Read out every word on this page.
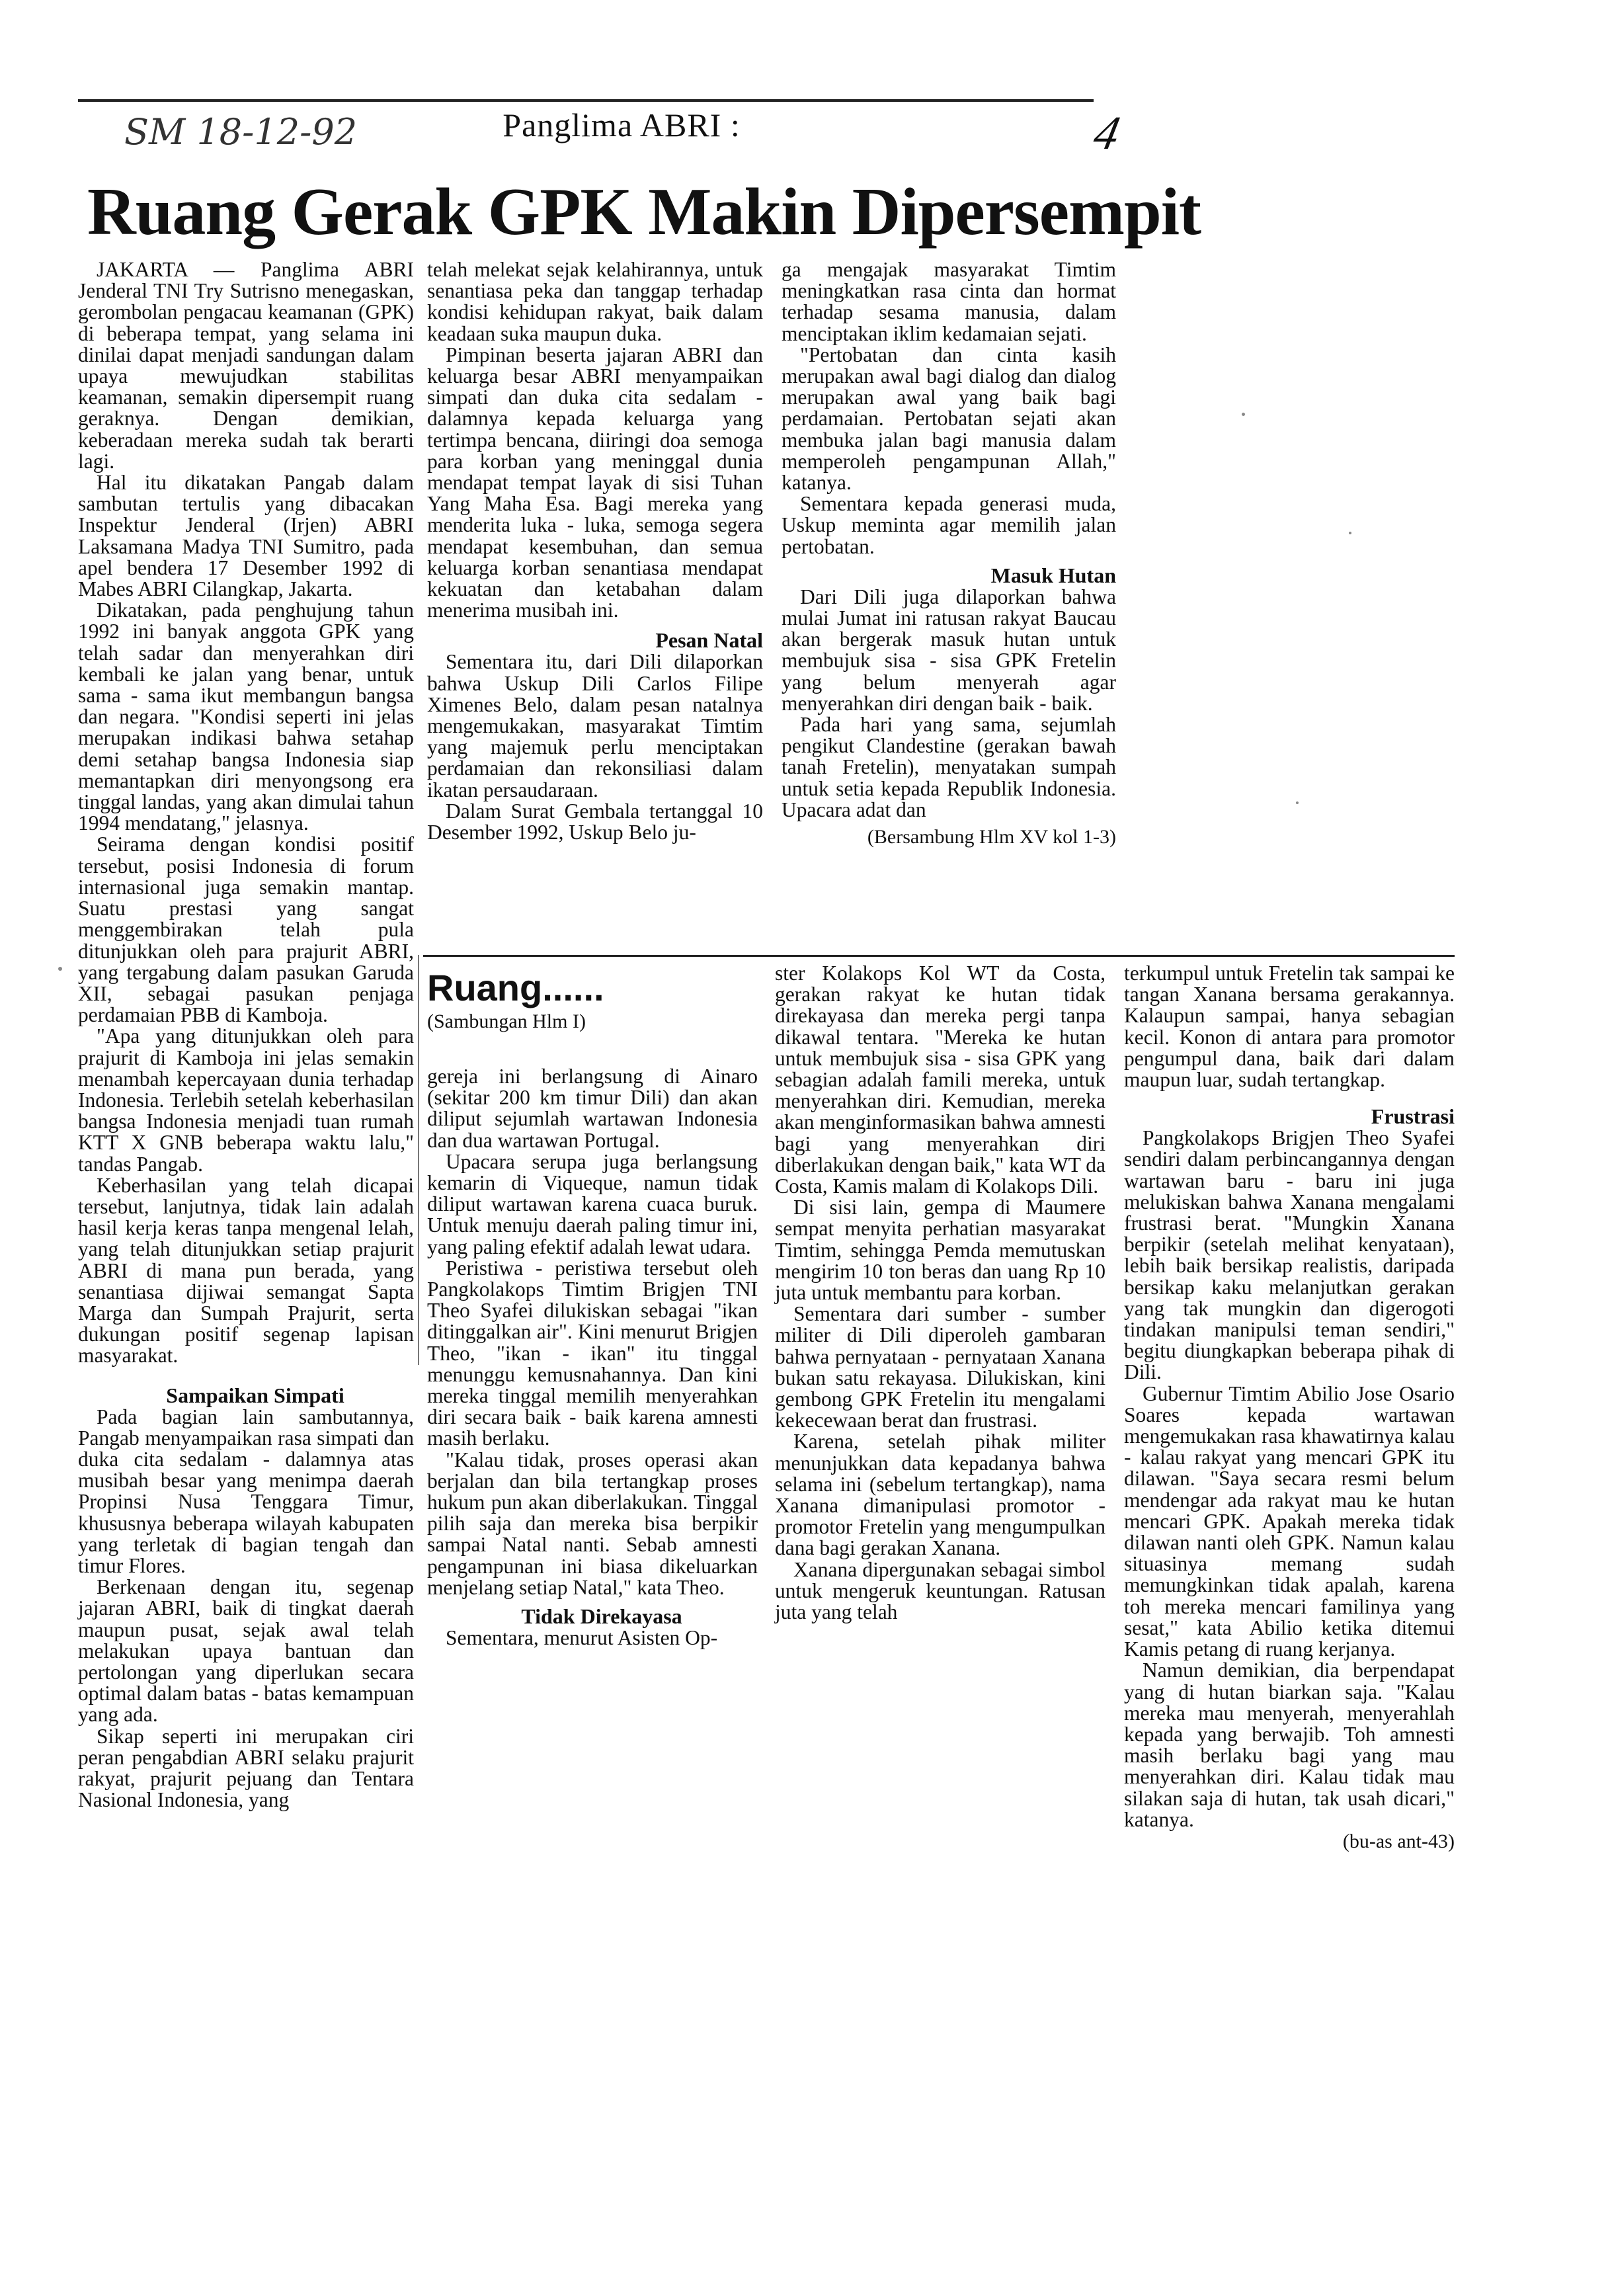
SM 18-12-92	4
Panglima ABRI :
Ruang Gerak GPK Makin Dipersempit

JAKARTA — Panglima ABRI Jenderal TNI Try Sutrisno menegaskan, gerombolan pengacau keamanan (GPK) di beberapa tempat, yang selama ini dinilai dapat menjadi sandungan dalam upaya mewujudkan stabilitas keamanan, semakin dipersempit ruang geraknya. Dengan demikian, keberadaan mereka sudah tak berarti lagi.

Hal itu dikatakan Pangab dalam sambutan tertulis yang dibacakan Inspektur Jenderal (Irjen) ABRI Laksamana Madya TNI Sumitro, pada apel bendera 17 Desember 1992 di Mabes ABRI Cilangkap, Jakarta.

Dikatakan, pada penghujung tahun 1992 ini banyak anggota GPK yang telah sadar dan menyerahkan diri kembali ke jalan yang benar, untuk sama - sama ikut membangun bangsa dan negara. "Kondisi seperti ini jelas merupakan indikasi bahwa setahap demi setahap bangsa Indonesia siap memantapkan diri menyongsong era tinggal landas, yang akan dimulai tahun 1994 mendatang," jelasnya.

Seirama dengan kondisi positif tersebut, posisi Indonesia di forum internasional juga semakin mantap. Suatu prestasi yang sangat menggembirakan telah pula ditunjukkan oleh para prajurit ABRI, yang tergabung dalam pasukan Garuda XII, sebagai pasukan penjaga perdamaian PBB di Kamboja.

"Apa yang ditunjukkan oleh para prajurit di Kamboja ini jelas semakin menambah kepercayaan dunia terhadap Indonesia. Terlebih setelah keberhasilan bangsa Indonesia menjadi tuan rumah KTT X GNB beberapa waktu lalu," tandas Pangab.

Keberhasilan yang telah dicapai tersebut, lanjutnya, tidak lain adalah hasil kerja keras tanpa mengenal lelah, yang telah ditunjukkan setiap prajurit ABRI di mana pun berada, yang senantiasa dijiwai semangat Sapta Marga dan Sumpah Prajurit, serta dukungan positif segenap lapisan masyarakat.

Sampaikan Simpati

Pada bagian lain sambutannya, Pangab menyampaikan rasa simpati dan duka cita sedalam - dalamnya atas musibah besar yang menimpa daerah Propinsi Nusa Tenggara Timur, khususnya beberapa wilayah kabupaten yang terletak di bagian tengah dan timur Flores.

Berkenaan dengan itu, segenap jajaran ABRI, baik di tingkat daerah maupun pusat, sejak awal telah melakukan upaya bantuan dan pertolongan yang diperlukan secara optimal dalam batas - batas kemampuan yang ada.

Sikap seperti ini merupakan ciri peran pengabdian ABRI selaku prajurit rakyat, prajurit pejuang dan Tentara Nasional Indonesia, yang

telah melekat sejak kelahirannya, untuk senantiasa peka dan tanggap terhadap kondisi kehidupan rakyat, baik dalam keadaan suka maupun duka.

Pimpinan beserta jajaran ABRI dan keluarga besar ABRI menyampaikan simpati dan duka cita sedalam - dalamnya kepada keluarga yang tertimpa bencana, diiringi doa semoga para korban yang meninggal dunia mendapat tempat layak di sisi Tuhan Yang Maha Esa. Bagi mereka yang menderita luka - luka, semoga segera mendapat kesembuhan, dan semua keluarga korban senantiasa mendapat kekuatan dan ketabahan dalam menerima musibah ini.

Pesan Natal

Sementara itu, dari Dili dilaporkan bahwa Uskup Dili Carlos Filipe Ximenes Belo, dalam pesan natalnya mengemukakan, masyarakat Timtim yang majemuk perlu menciptakan perdamaian dan rekonsiliasi dalam ikatan persaudaraan.

Dalam Surat Gembala tertanggal 10 Desember 1992, Uskup Belo ju-

ga mengajak masyarakat Timtim meningkatkan rasa cinta dan hormat terhadap sesama manusia, dalam menciptakan iklim kedamaian sejati.

"Pertobatan dan cinta kasih merupakan awal bagi dialog dan dialog merupakan awal yang baik bagi perdamaian. Pertobatan sejati akan membuka jalan bagi manusia dalam memperoleh pengampunan Allah," katanya.

Sementara kepada generasi muda, Uskup meminta agar memilih jalan pertobatan.

Masuk Hutan

Dari Dili juga dilaporkan bahwa mulai Jumat ini ratusan rakyat Baucau akan bergerak masuk hutan untuk membujuk sisa - sisa GPK Fretelin yang belum menyerah agar menyerahkan diri dengan baik - baik.

Pada hari yang sama, sejumlah pengikut Clandestine (gerakan bawah tanah Fretelin), menyatakan sumpah untuk setia kepada Republik Indonesia. Upacara adat dan

(Bersambung Hlm XV kol 1-3)

Ruang......

(Sambungan Hlm I)

gereja ini berlangsung di Ainaro (sekitar 200 km timur Dili) dan akan diliput sejumlah wartawan Indonesia dan dua wartawan Portugal.

Upacara serupa juga berlangsung kemarin di Viqueque, namun tidak diliput wartawan karena cuaca buruk. Untuk menuju daerah paling timur ini, yang paling efektif adalah lewat udara.

Peristiwa - peristiwa tersebut oleh Pangkolakops Timtim Brigjen TNI Theo Syafei dilukiskan sebagai "ikan ditinggalkan air". Kini menurut Brigjen Theo, "ikan - ikan" itu tinggal menunggu kemusnahannya. Dan kini mereka tinggal memilih menyerahkan diri secara baik - baik karena amnesti masih berlaku.

"Kalau tidak, proses operasi akan berjalan dan bila tertangkap proses hukum pun akan diberlakukan. Tinggal pilih saja dan mereka bisa berpikir sampai Natal nanti. Sebab amnesti pengampunan ini biasa dikeluarkan menjelang setiap Natal," kata Theo.

Tidak Direkayasa

Sementara, menurut Asisten Op-

ster Kolakops Kol WT da Costa, gerakan rakyat ke hutan tidak direkayasa dan mereka pergi tanpa dikawal tentara. "Mereka ke hutan untuk membujuk sisa - sisa GPK yang sebagian adalah famili mereka, untuk menyerahkan diri. Kemudian, mereka akan menginformasikan bahwa amnesti bagi yang menyerahkan diri diberlakukan dengan baik," kata WT da Costa, Kamis malam di Kolakops Dili.

Di sisi lain, gempa di Maumere sempat menyita perhatian masyarakat Timtim, sehingga Pemda memutuskan mengirim 10 ton beras dan uang Rp 10 juta untuk membantu para korban.

Sementara dari sumber - sumber militer di Dili diperoleh gambaran bahwa pernyataan - pernyataan Xanana bukan satu rekayasa. Dilukiskan, kini gembong GPK Fretelin itu mengalami kekecewaan berat dan frustrasi.

Karena, setelah pihak militer menunjukkan data kepadanya bahwa selama ini (sebelum tertangkap), nama Xanana dimanipulasi promotor - promotor Fretelin yang mengumpulkan dana bagi gerakan Xanana.

Xanana dipergunakan sebagai simbol untuk mengeruk keuntungan. Ratusan juta yang telah

terkumpul untuk Fretelin tak sampai ke tangan Xanana bersama gerakannya. Kalaupun sampai, hanya sebagian kecil. Konon di antara para promotor pengumpul dana, baik dari dalam maupun luar, sudah tertangkap.

Frustrasi

Pangkolakops Brigjen Theo Syafei sendiri dalam perbincangannya dengan wartawan baru - baru ini juga melukiskan bahwa Xanana mengalami frustrasi berat. "Mungkin Xanana berpikir (setelah melihat kenyataan), lebih baik bersikap realistis, daripada bersikap kaku melanjutkan gerakan yang tak mungkin dan digerogoti tindakan manipulsi teman sendiri," begitu diungkapkan beberapa pihak di Dili.

Gubernur Timtim Abilio Jose Osario Soares kepada wartawan mengemukakan rasa khawatirnya kalau - kalau rakyat yang mencari GPK itu dilawan. "Saya secara resmi belum mendengar ada rakyat mau ke hutan mencari GPK. Apakah mereka tidak dilawan nanti oleh GPK. Namun kalau situasinya memang sudah memungkinkan tidak apalah, karena toh mereka mencari familinya yang sesat," kata Abilio ketika ditemui Kamis petang di ruang kerjanya.

Namun demikian, dia berpendapat yang di hutan biarkan saja. "Kalau mereka mau menyerah, menyerahlah kepada yang berwajib. Toh amnesti masih berlaku bagi yang mau menyerahkan diri. Kalau tidak mau silakan saja di hutan, tak usah dicari," katanya.

(bu-as ant-43)
